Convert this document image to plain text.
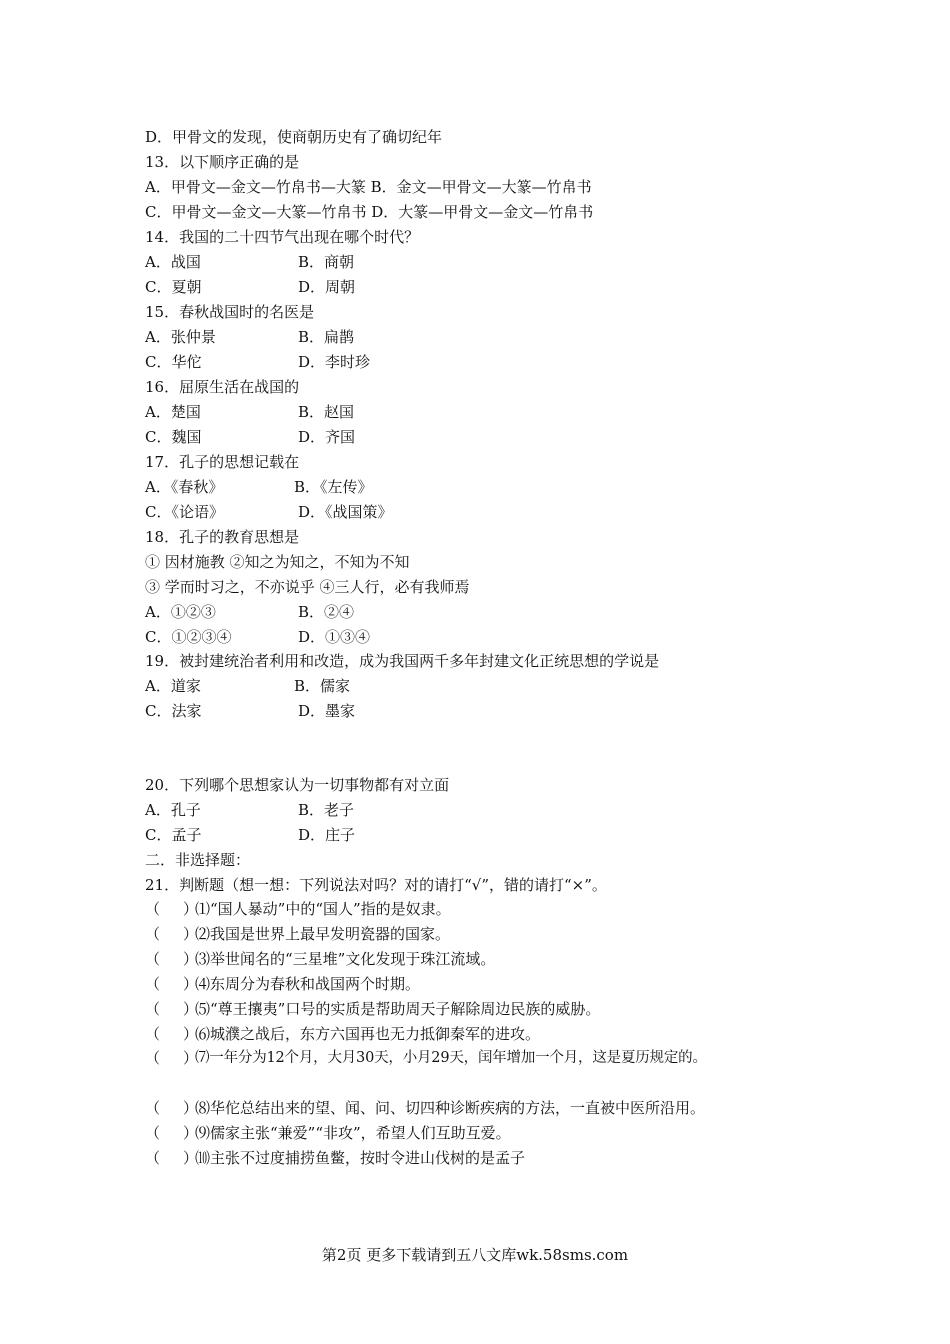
D．甲骨文的发现，使商朝历史有了确切纪年
13．以下顺序正确的是
A．甲骨文—金文—竹帛书—大篆 B．金文—甲骨文—大篆—竹帛书
C．甲骨文—金文—大篆—竹帛书 D．大篆—甲骨文—金文—竹帛书
14．我国的二十四节气出现在哪个时代？
A．战国	B．商朝
C．夏朝	D．周朝
15．春秋战国时的名医是
A．张仲景	B．扁鹊
C．华佗	D．李时珍
16．屈原生活在战国的
A．楚国	B．赵国
C．魏国	D．齐国
17．孔子的思想记载在
A．《春秋》	B．《左传》
C．《论语》	D．《战国策》
18．孔子的教育思想是
① 因材施教 ②知之为知之，不知为不知
③ 学而时习之，不亦说乎 ④三人行，必有我师焉
A．①②③	B．②④
C．①②③④	D．①③④
19．被封建统治者利用和改造，成为我国两千多年封建文化正统思想的学说是
A．道家	B．儒家
C．法家	D．墨家
20．下列哪个思想家认为一切事物都有对立面
A．孔子	B．老子
C．孟子	D．庄子
二．非选择题：
21．判断题（想一想：下列说法对吗？对的请打“√”，错的请打“×”。
（ ）
⑴“国人暴动”中的“国人”指的是奴隶。
（ ）
⑵我国是世界上最早发明瓷器的国家。
（ ）
⑶举世闻名的“三星堆”文化发现于珠江流域。
（ ）
⑷东周分为春秋和战国两个时期。
（ ）
⑸“尊王攘夷”口号的实质是帮助周天子解除周边民族的威胁。
（ ）
⑹城濮之战后，东方六国再也无力抵御秦军的进攻。
（ ）
⑺一年分为12个月，大月30天，小月29天，闰年增加一个月，这是夏历规定的。
（ ）
⑻华佗总结出来的望、闻、问、切四种诊断疾病的方法，一直被中医所沿用。
（ ）
⑼儒家主张“兼爱”“非攻”，希望人们互助互爱。
（ ）
⑽主张不过度捕捞鱼鳖，按时令进山伐树的是孟子
第2页 更多下载请到五八文库wk.58sms.com
